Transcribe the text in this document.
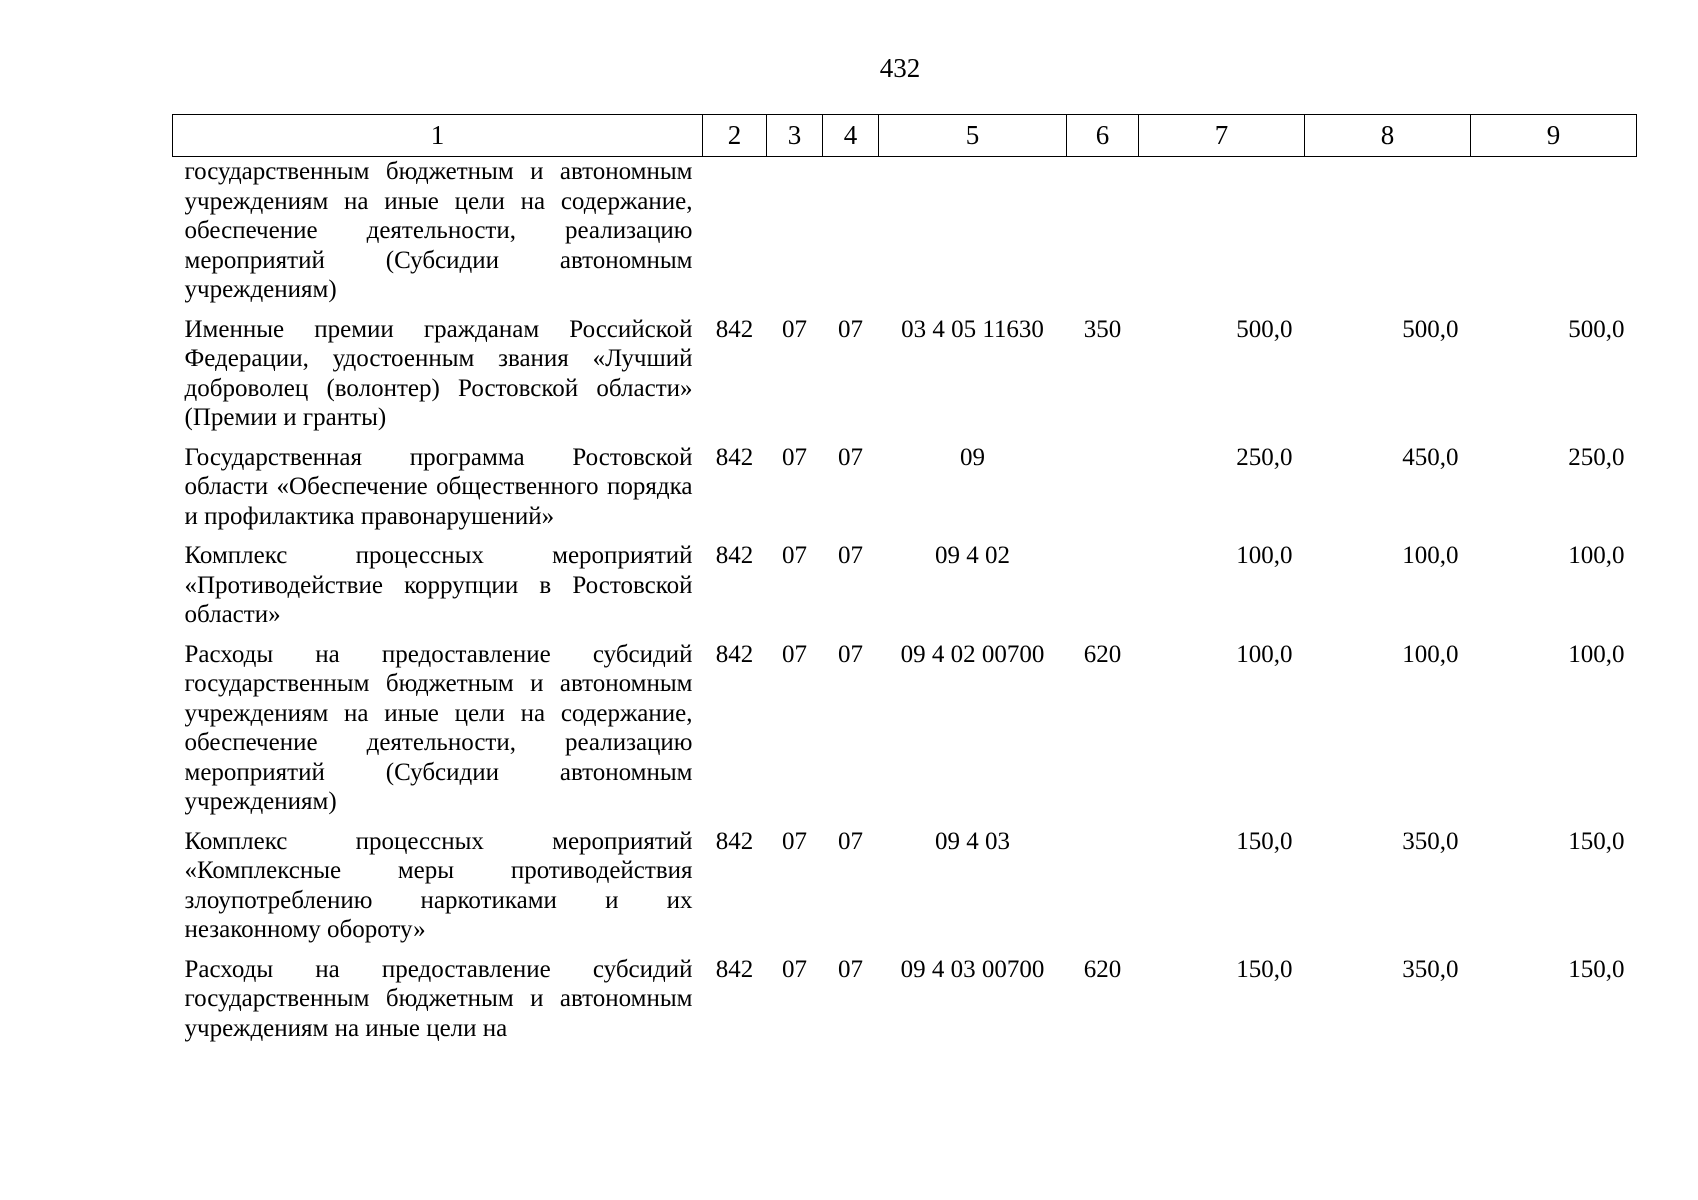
432
1	2	3	4	5	6	7	8	9
государственным бюджетным и автономным учреждениям на иные цели на содержание, обеспечение деятельности, реализацию мероприятий (Субсидии автономным учреждениям)								
Именные премии гражданам Российской Федерации, удостоенным звания «Лучший доброволец (волонтер) Ростовской области» (Премии и гранты)	842	07	07	03 4 05 11630	350	500,0	500,0	500,0
Государственная программа Ростовской области «Обеспечение общественного порядка и профилактика правонарушений»	842	07	07	09		250,0	450,0	250,0
Комплекс процессных мероприятий «Противодействие коррупции в Ростовской области»	842	07	07	09 4 02		100,0	100,0	100,0
Расходы на предоставление субсидий государственным бюджетным и автономным учреждениям на иные цели на содержание, обеспечение деятельности, реализацию мероприятий (Субсидии автономным учреждениям)	842	07	07	09 4 02 00700	620	100,0	100,0	100,0
Комплекс процессных мероприятий «Комплексные меры противодействия злоупотреблению наркотиками и их незаконному обороту»	842	07	07	09 4 03		150,0	350,0	150,0
Расходы на предоставление субсидий государственным бюджетным и автономным учреждениям на иные цели на	842	07	07	09 4 03 00700	620	150,0	350,0	150,0
